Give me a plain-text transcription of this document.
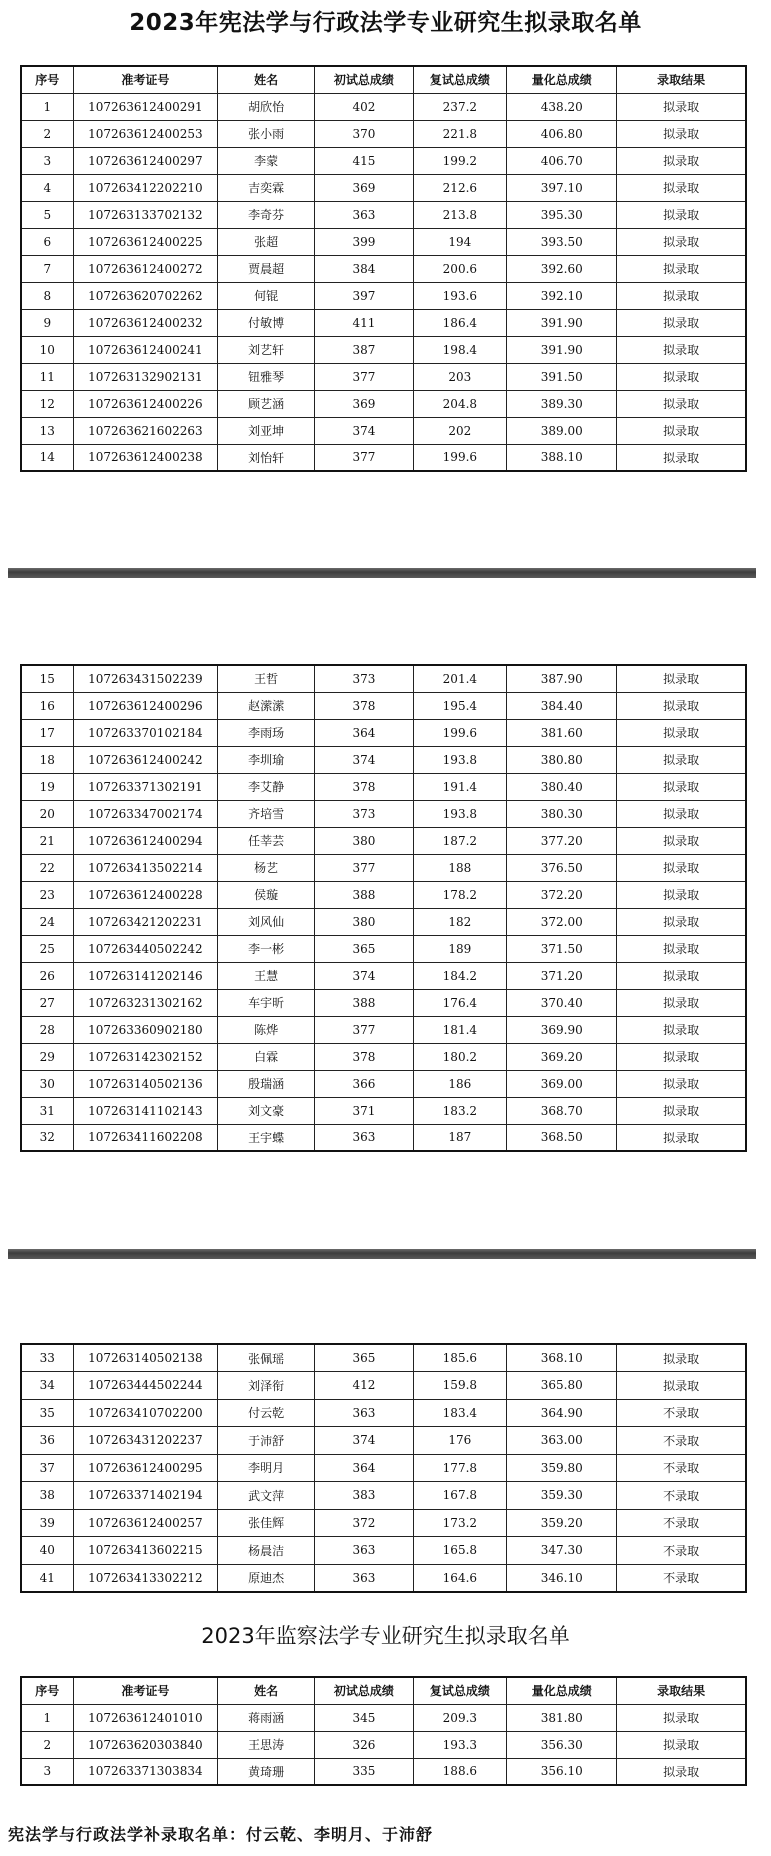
2023年宪法学与行政法学专业研究生拟录取名单
序号	准考证号	姓名	初试总成绩	复试总成绩	量化总成绩	录取结果
1	107263612400291	胡欣怡	402	237.2	438.20	拟录取
2	107263612400253	张小雨	370	221.8	406.80	拟录取
3	107263612400297	李蒙	415	199.2	406.70	拟录取
4	107263412202210	吉奕霖	369	212.6	397.10	拟录取
5	107263133702132	李奇芬	363	213.8	395.30	拟录取
6	107263612400225	张超	399	194	393.50	拟录取
7	107263612400272	贾晨超	384	200.6	392.60	拟录取
8	107263620702262	何锟	397	193.6	392.10	拟录取
9	107263612400232	付敏博	411	186.4	391.90	拟录取
10	107263612400241	刘艺轩	387	198.4	391.90	拟录取
11	107263132902131	钮雅琴	377	203	391.50	拟录取
12	107263612400226	顾艺涵	369	204.8	389.30	拟录取
13	107263621602263	刘亚坤	374	202	389.00	拟录取
14	107263612400238	刘怡轩	377	199.6	388.10	拟录取
15	107263431502239	王哲	373	201.4	387.90	拟录取
16	107263612400296	赵潆潆	378	195.4	384.40	拟录取
17	107263370102184	李雨玚	364	199.6	381.60	拟录取
18	107263612400242	李圳瑜	374	193.8	380.80	拟录取
19	107263371302191	李艾静	378	191.4	380.40	拟录取
20	107263347002174	齐培雪	373	193.8	380.30	拟录取
21	107263612400294	任莘芸	380	187.2	377.20	拟录取
22	107263413502214	杨艺	377	188	376.50	拟录取
23	107263612400228	侯璇	388	178.2	372.20	拟录取
24	107263421202231	刘风仙	380	182	372.00	拟录取
25	107263440502242	李一彬	365	189	371.50	拟录取
26	107263141202146	王慧	374	184.2	371.20	拟录取
27	107263231302162	车宇昕	388	176.4	370.40	拟录取
28	107263360902180	陈烨	377	181.4	369.90	拟录取
29	107263142302152	白霖	378	180.2	369.20	拟录取
30	107263140502136	殷瑞涵	366	186	369.00	拟录取
31	107263141102143	刘文豪	371	183.2	368.70	拟录取
32	107263411602208	王宇蝶	363	187	368.50	拟录取
33	107263140502138	张佩瑶	365	185.6	368.10	拟录取
34	107263444502244	刘泽衔	412	159.8	365.80	拟录取
35	107263410702200	付云乾	363	183.4	364.90	不录取
36	107263431202237	于沛舒	374	176	363.00	不录取
37	107263612400295	李明月	364	177.8	359.80	不录取
38	107263371402194	武文萍	383	167.8	359.30	不录取
39	107263612400257	张佳辉	372	173.2	359.20	不录取
40	107263413602215	杨晨洁	363	165.8	347.30	不录取
41	107263413302212	原迪杰	363	164.6	346.10	不录取
2023年监察法学专业研究生拟录取名单
序号	准考证号	姓名	初试总成绩	复试总成绩	量化总成绩	录取结果
1	107263612401010	蒋雨涵	345	209.3	381.80	拟录取
2	107263620303840	王思涛	326	193.3	356.30	拟录取
3	107263371303834	黄琦珊	335	188.6	356.10	拟录取
宪法学与行政法学补录取名单：付云乾、李明月、于沛舒
